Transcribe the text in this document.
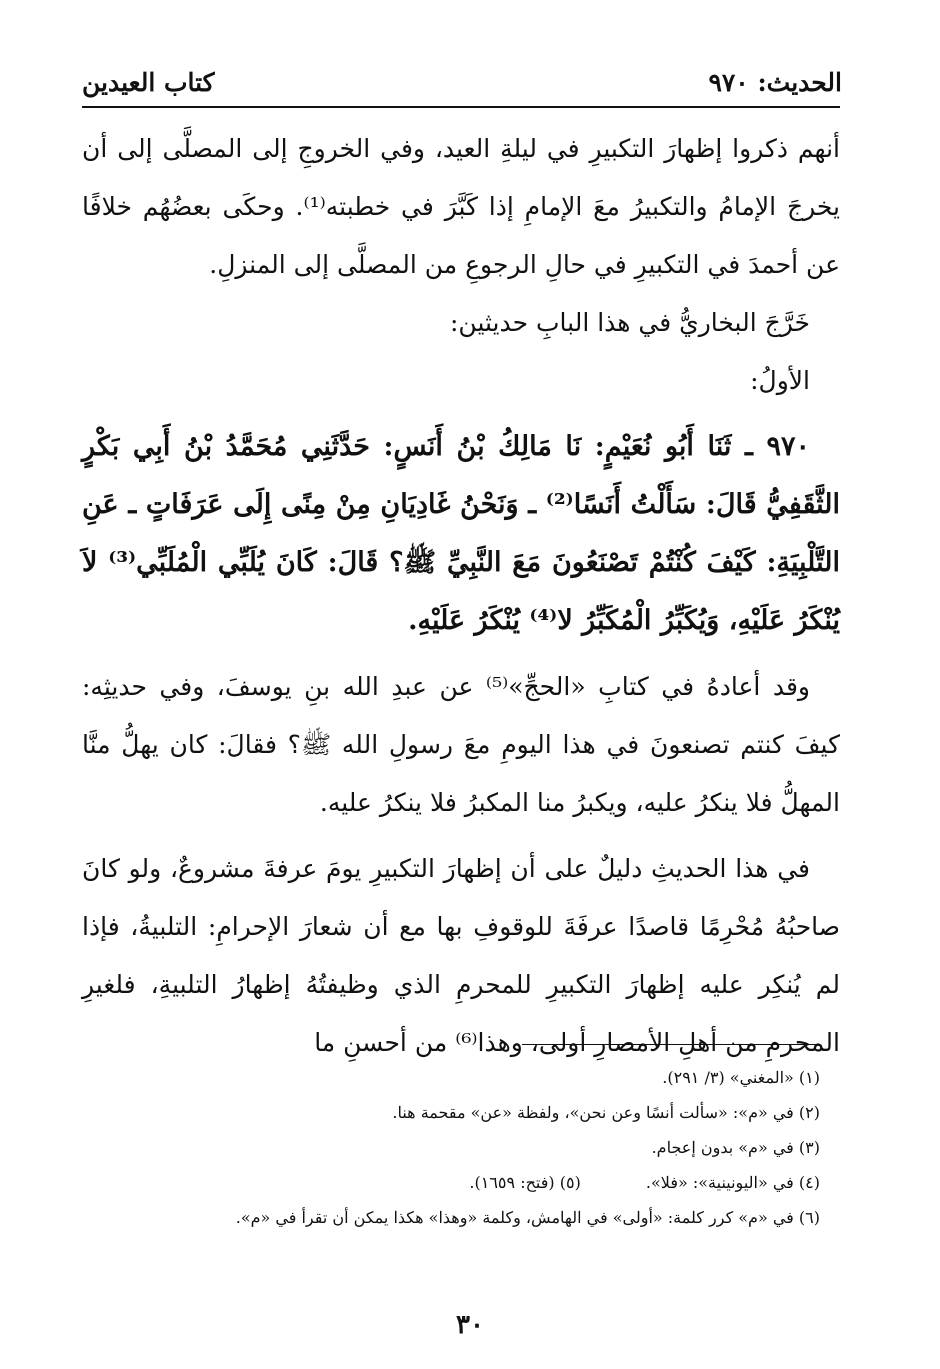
الحديث: ٩٧٠
كتاب العيدين

أنهم ذكروا إظهارَ التكبيرِ في ليلةِ العيد، وفي الخروجِ إلى المصلَّى إلى أن يخرجَ الإمامُ والتكبيرُ معَ الإمامِ إذا كَبَّرَ في خطبته⁽¹⁾. وحكَى بعضُهُم خلافًا عن أحمدَ في التكبيرِ في حالِ الرجوعِ من المصلَّى إلى المنزلِ.

خَرَّجَ البخاريُّ في هذا البابِ حديثين:

الأولُ:

٩٧٠ ـ ثَنَا أَبُو نُعَيْمٍ: نَا مَالِكُ بْنُ أَنَسٍ: حَدَّثَنِي مُحَمَّدُ بْنُ أَبِي بَكْرٍ الثَّقَفِيُّ قَالَ: سَأَلْتُ أَنَسًا⁽²⁾ ـ وَنَحْنُ غَادِيَانِ مِنْ مِنًى إِلَى عَرَفَاتٍ ـ عَنِ التَّلْبِيَةِ: كَيْفَ كُنْتُمْ تَصْنَعُونَ مَعَ النَّبِيِّ ﷺ؟ قَالَ: كَانَ يُلَبِّي الْمُلَبِّي⁽³⁾ لاَ يُنْكَرُ عَلَيْهِ، وَيُكَبِّرُ الْمُكَبِّرُ لا⁽⁴⁾ يُنْكَرُ عَلَيْهِ.

وقد أعادهُ في كتابِ «الحجِّ»⁽⁵⁾ عن عبدِ الله بنِ يوسفَ، وفي حديثِه: كيفَ كنتم تصنعونَ في هذا اليومِ معَ رسولِ الله ﷺ؟ فقالَ: كان يهلُّ منَّا المهلُّ فلا ينكرُ عليه، ويكبرُ منا المكبرُ فلا ينكرُ عليه.

في هذا الحديثِ دليلٌ على أن إظهارَ التكبيرِ يومَ عرفةَ مشروعٌ، ولو كانَ صاحبُهُ مُحْرِمًا قاصدًا عرفَةَ للوقوفِ بها مع أن شعارَ الإحرامِ: التلبيةُ، فإذا لم يُنكِر عليه إظهارَ التكبيرِ للمحرمِ الذي وظيفتُهُ إظهارُ التلبيةِ، فلغيرِ المحرمِ من أهلِ الأمصارِ أولى، وهذا⁽⁶⁾ من أحسنِ ما

(١) «المغني» (٣/ ٢٩١).

(٢) في «م»: «سألت أنسًا وعن نحن»، ولفظة «عن» مقحمة هنا.

(٣) في «م» بدون إعجام.

(٤) في «اليونينية»: «فلا». (٥) (فتح: ١٦٥٩).

(٦) في «م» كرر كلمة: «أولى» في الهامش، وكلمة «وهذا» هكذا يمكن أن تقرأ في «م».

٣٠
